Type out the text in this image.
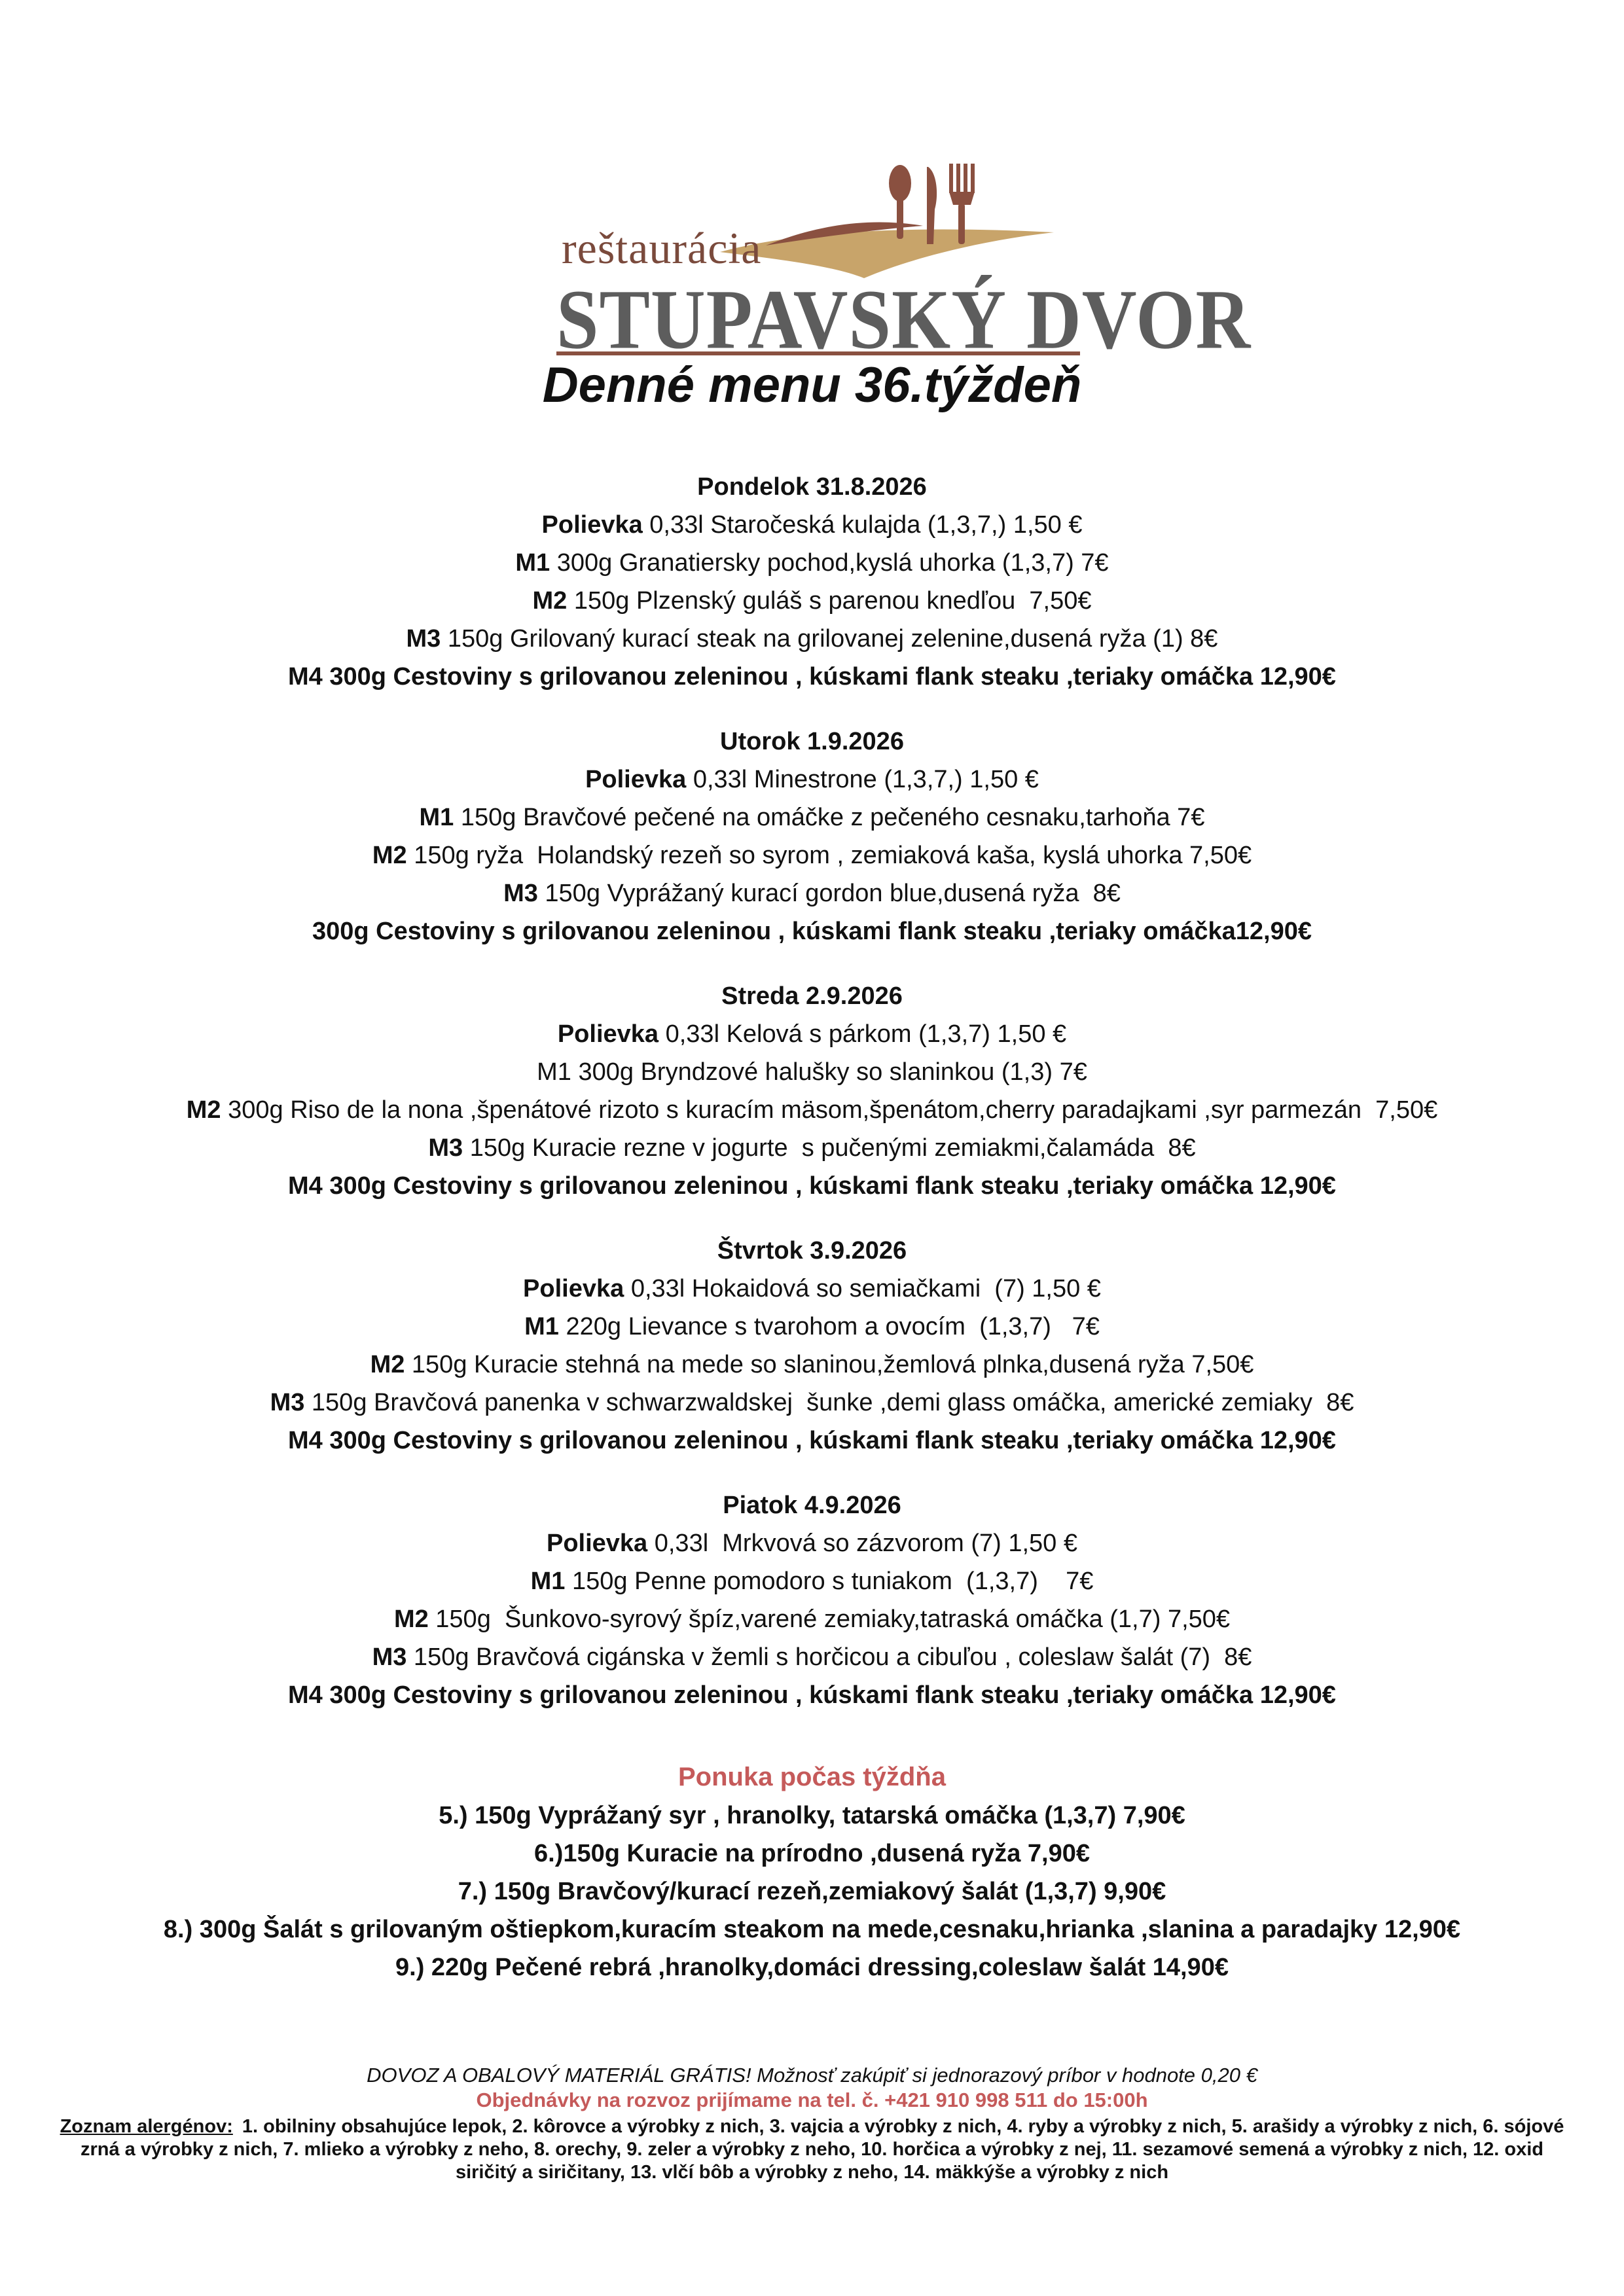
reštaurácia
STUPAVSKÝ DVOR
Denné menu 36.týždeň
Pondelok 31.8.2026
Polievka 0,33l Staročeská kulajda (1,3,7,) 1,50 €
M1 300g Granatiersky pochod,kyslá uhorka (1,3,7) 7€
M2 150g Plzenský guláš s parenou knedľou  7,50€
M3 150g Grilovaný kurací steak na grilovanej zelenine,dusená ryža (1) 8€
M4 300g Cestoviny s grilovanou zeleninou , kúskami flank steaku ,teriaky omáčka 12,90€
Utorok 1.9.2026
Polievka 0,33l Minestrone (1,3,7,) 1,50 €
M1 150g Bravčové pečené na omáčke z pečeného cesnaku,tarhoňa 7€
M2 150g ryža  Holandský rezeň so syrom , zemiaková kaša, kyslá uhorka 7,50€
M3 150g Vyprážaný kurací gordon blue,dusená ryža  8€
300g Cestoviny s grilovanou zeleninou , kúskami flank steaku ,teriaky omáčka12,90€
Streda 2.9.2026
Polievka 0,33l Kelová s párkom (1,3,7) 1,50 €
M1 300g Bryndzové halušky so slaninkou (1,3) 7€
M2 300g Riso de la nona ,špenátové rizoto s kuracím mäsom,špenátom,cherry paradajkami ,syr parmezán  7,50€
M3 150g Kuracie rezne v jogurte  s pučenými zemiakmi,čalamáda  8€
M4 300g Cestoviny s grilovanou zeleninou , kúskami flank steaku ,teriaky omáčka 12,90€
Štvrtok 3.9.2026
Polievka 0,33l Hokaidová so semiačkami  (7) 1,50 €
M1 220g Lievance s tvarohom a ovocím  (1,3,7)   7€
M2 150g Kuracie stehná na mede so slaninou,žemlová plnka,dusená ryža 7,50€
M3 150g Bravčová panenka v schwarzwaldskej  šunke ,demi glass omáčka, americké zemiaky  8€
M4 300g Cestoviny s grilovanou zeleninou , kúskami flank steaku ,teriaky omáčka 12,90€
Piatok 4.9.2026
Polievka 0,33l  Mrkvová so zázvorom (7) 1,50 €
M1 150g Penne pomodoro s tuniakom  (1,3,7)    7€
M2 150g  Šunkovo-syrový špíz,varené zemiaky,tatraská omáčka (1,7) 7,50€
M3 150g Bravčová cigánska v žemli s horčicou a cibuľou , coleslaw šalát (7)  8€
M4 300g Cestoviny s grilovanou zeleninou , kúskami flank steaku ,teriaky omáčka 12,90€
Ponuka počas týždňa
5.) 150g Vyprážaný syr , hranolky, tatarská omáčka (1,3,7) 7,90€
6.)150g Kuracie na prírodno ,dusená ryža 7,90€
7.) 150g Bravčový/kurací rezeň,zemiakový šalát (1,3,7) 9,90€
8.) 300g Šalát s grilovaným oštiepkom,kuracím steakom na mede,cesnaku,hrianka ,slanina a paradajky 12,90€
9.) 220g Pečené rebrá ,hranolky,domáci dressing,coleslaw šalát 14,90€
DOVOZ A OBALOVÝ MATERIÁL GRÁTIS! Možnosť zakúpiť si jednorazový príbor v hodnote 0,20 €
Objednávky na rozvoz prijímame na tel. č. +421 910 998 511 do 15:00h
Zoznam alergénov: 1. obilniny obsahujúce lepok, 2. kôrovce a výrobky z nich, 3. vajcia a výrobky z nich, 4. ryby a výrobky z nich, 5. arašidy a výrobky z nich, 6. sójové zrná a výrobky z nich, 7. mlieko a výrobky z neho, 8. orechy, 9. zeler a výrobky z neho, 10. horčica a výrobky z nej, 11. sezamové semená a výrobky z nich, 12. oxid siričitý a siričitany, 13. vlčí bôb a výrobky z neho, 14. mäkkýše a výrobky z nich
